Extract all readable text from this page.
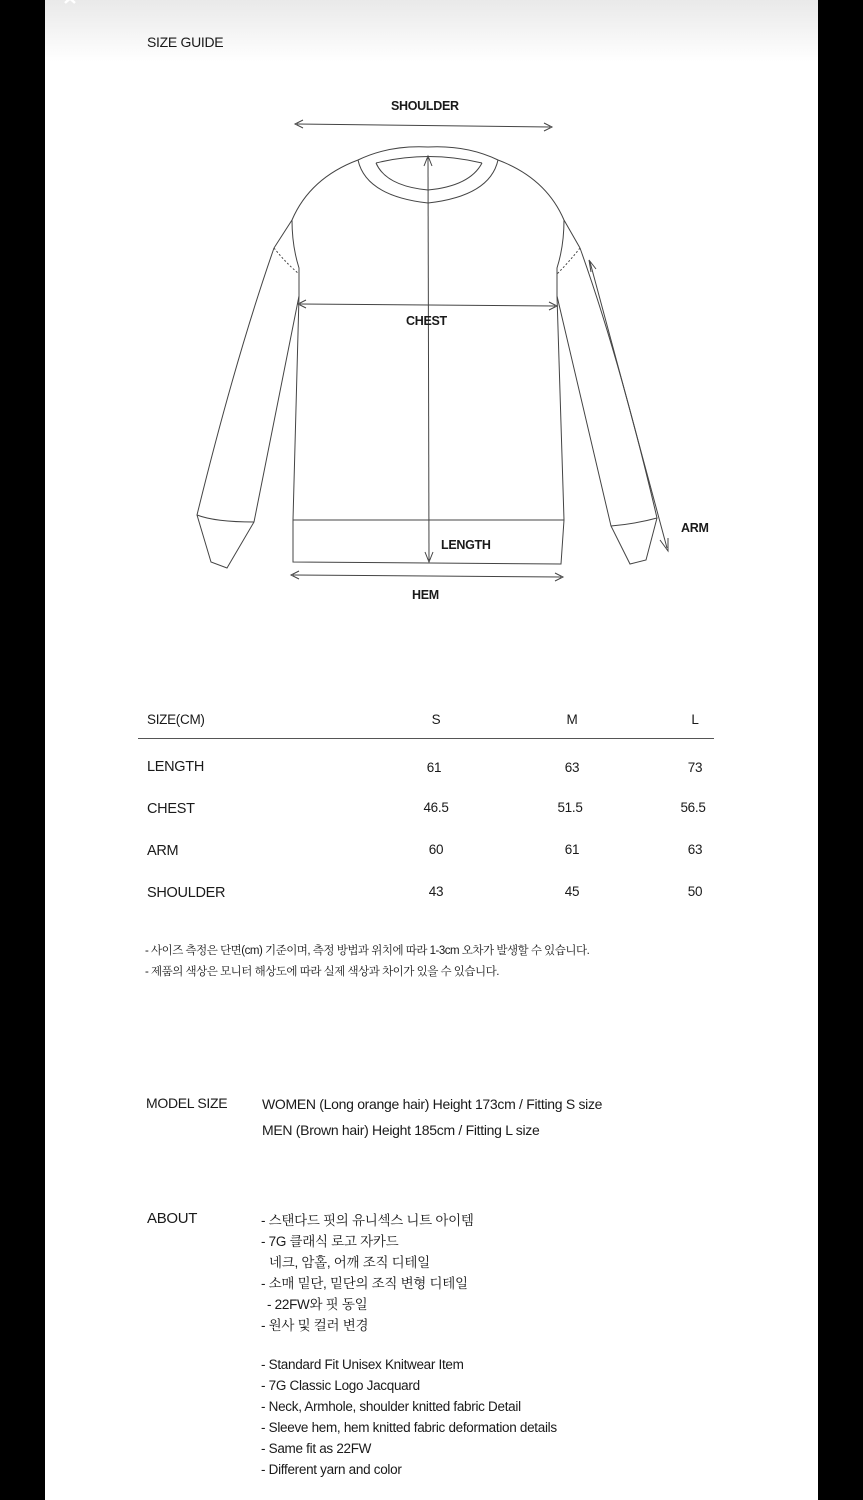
SIZE GUIDE
SHOULDER
CHEST
LENGTH
ARM
HEM
SIZE(CM)	S	M	L
LENGTH	61	63	73
CHEST	46.5	51.5	56.5
ARM	60	61	63
SHOULDER	43	45	50
- 사이즈 측정은 단면(cm) 기준이며, 측정 방법과 위치에 따라 1-3cm 오차가 발생할 수 있습니다.
- 제품의 색상은 모니터 해상도에 따라 실제 색상과 차이가 있을 수 있습니다.
MODEL SIZE WOMEN (Long orange hair) Height 173cm / Fitting S size
MEN (Brown hair) Height 185cm / Fitting L size
ABOUT	- 스탠다드 핏의 유니섹스 니트 아이템
- 7G 클래식 로고 자카드
네크, 암홀, 어깨 조직 디테일
- 소매 밑단, 밑단의 조직 변형 디테일
- 22FW와 핏 동일
- 원사 및 컬러 변경
- Standard Fit Unisex Knitwear Item
- 7G Classic Logo Jacquard
- Neck, Armhole, shoulder knitted fabric Detail
- Sleeve hem, hem knitted fabric deformation details
- Same fit as 22FW
- Different yarn and color
